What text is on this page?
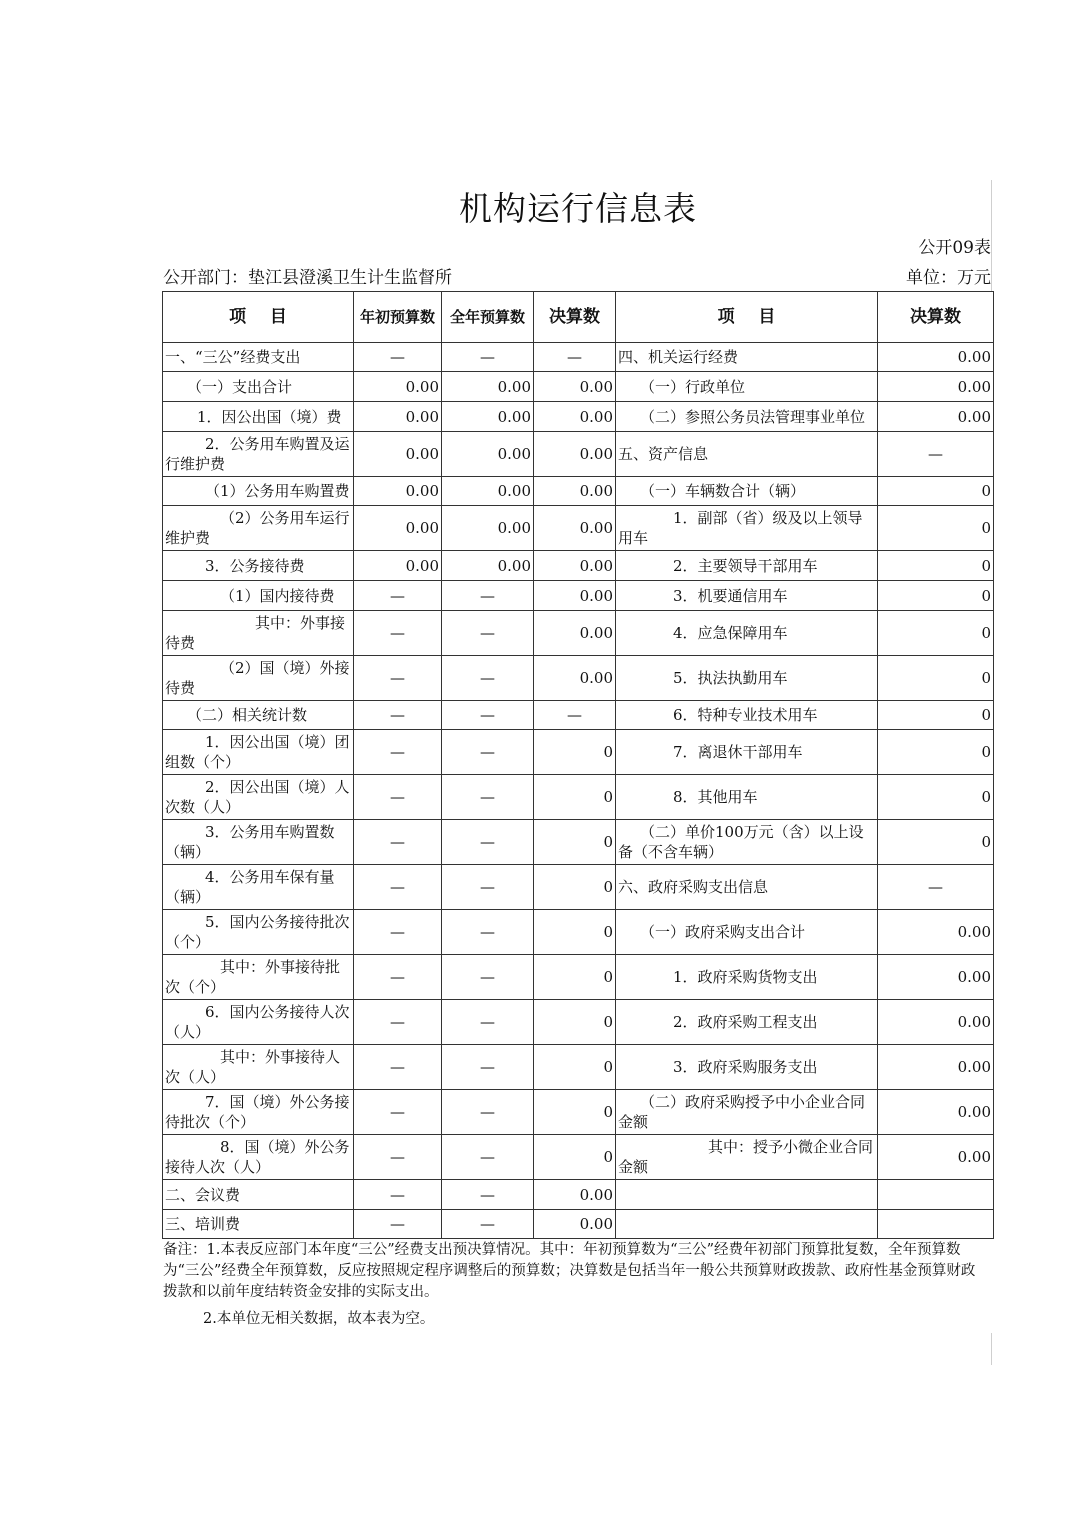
机构运行信息表
公开09表
公开部门：垫江县澄溪卫生计生监督所	单位：万元
项    目	年初预算数	全年预算数	决算数	项    目	决算数
一、“三公”经费支出	—	—	—	四、机关运行经费	0.00
（一）支出合计	0.00	0.00	0.00	（一）行政单位	0.00
1．因公出国（境）费	0.00	0.00	0.00	（二）参照公务员法管理事业单位	0.00
2．公务用车购置及运行维护费	0.00	0.00	0.00	五、资产信息	—
（1）公务用车购置费	0.00	0.00	0.00	（一）车辆数合计（辆）	0
（2）公务用车运行维护费	0.00	0.00	0.00	1．副部（省）级及以上领导用车	0
3．公务接待费	0.00	0.00	0.00	2．主要领导干部用车	0
（1）国内接待费	—	—	0.00	3．机要通信用车	0
其中：外事接待费	—	—	0.00	4．应急保障用车	0
（2）国（境）外接待费	—	—	0.00	5．执法执勤用车	0
（二）相关统计数	—	—	—	6．特种专业技术用车	0
1．因公出国（境）团组数（个）	—	—	0	7．离退休干部用车	0
2．因公出国（境）人次数（人）	—	—	0	8．其他用车	0
3．公务用车购置数（辆）	—	—	0	（二）单价100万元（含）以上设备（不含车辆）	0
4．公务用车保有量（辆）	—	—	0	六、政府采购支出信息	—
5．国内公务接待批次（个）	—	—	0	（一）政府采购支出合计	0.00
其中：外事接待批次（个）	—	—	0	1．政府采购货物支出	0.00
6．国内公务接待人次（人）	—	—	0	2．政府采购工程支出	0.00
其中：外事接待人次（人）	—	—	0	3．政府采购服务支出	0.00
7．国（境）外公务接待批次（个）	—	—	0	（二）政府采购授予中小企业合同金额	0.00
8．国（境）外公务接待人次（人）	—	—	0	其中：授予小微企业合同金额	0.00
二、会议费	—	—	0.00		
三、培训费	—	—	0.00		

备注：1.本表反应部门本年度“三公”经费支出预决算情况。其中：年初预算数为“三公”经费年初部门预算批复数，全年预算数为“三公”经费全年预算数，反应按照规定程序调整后的预算数；决算数是包括当年一般公共预算财政拨款、政府性基金预算财政拨款和以前年度结转资金安排的实际支出。

2.本单位无相关数据，故本表为空。
